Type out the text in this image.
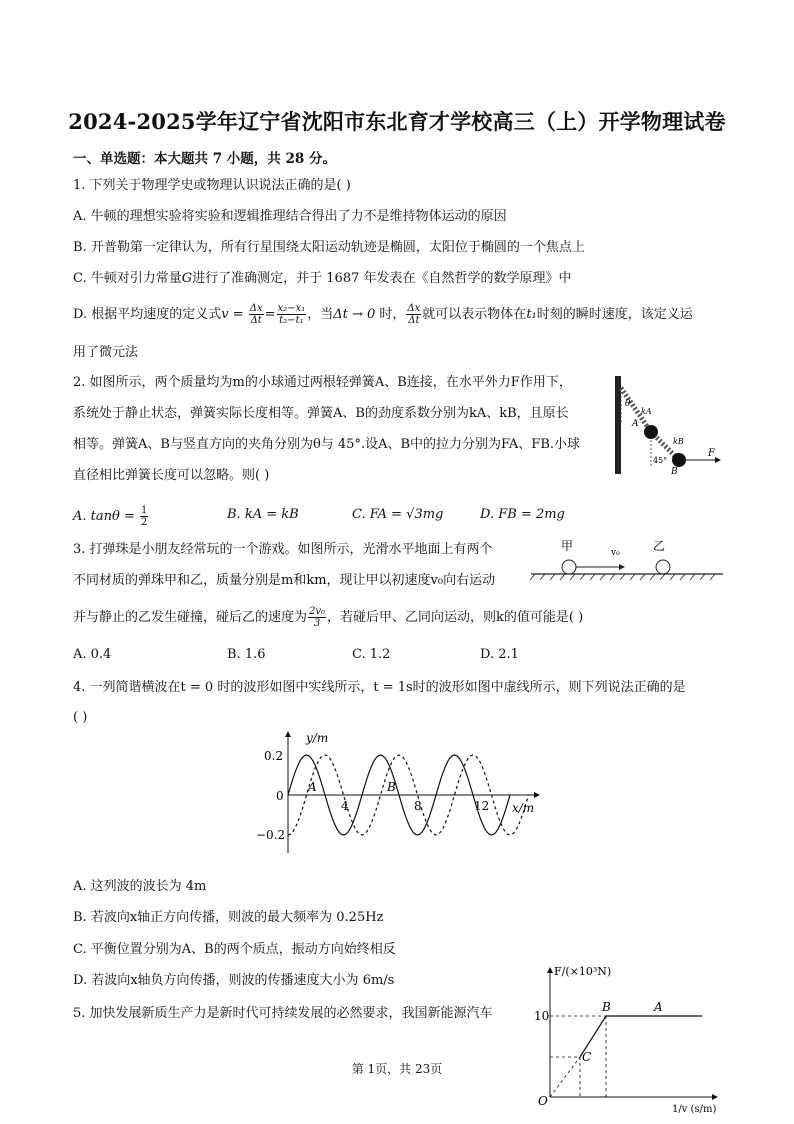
2024-2025学年辽宁省沈阳市东北育才学校高三（上）开学物理试卷
一、单选题：本大题共 7 小题，共 28 分。
1. 下列关于物理学史或物理认识说法正确的是( )
A. 牛顿的理想实验将实验和逻辑推理结合得出了力不是维持物体运动的原因
B. 开普勒第一定律认为，所有行星围绕太阳运动轨迹是椭圆，太阳位于椭圆的一个焦点上
C. 牛顿对引力常量G进行了准确测定，并于 1687 年发表在《自然哲学的数学原理》中
D. 根据平均速度的定义式$v = \frac{\Delta x}{\Delta t} = \frac{\text{x₂−x₁}}{\text{t₂−t₁}}$ ，当Δt → 0 时， $\frac{\Delta x}{\Delta t}$ 就可以表示物体在t₁时刻的瞬时速度，该定义运
用了微元法
2. 如图所示，两个质量均为m的小球通过两根轻弹簧A、B连接，在水平外力F作用下，
系统处于静止状态，弹簧实际长度相等。弹簧A、B的劲度系数分别为kA、kB，且原长
相等。弹簧A、B与竖直方向的夹角分别为θ与 45°.设A、B中的拉力分别为FA、FB.小球
直径相比弹簧长度可以忽略。则( )
θ
kA
A
kB
45°
B
F
A. $\tan\theta = \frac{1}{2}$	B. kA = kB	C. FA = √3mg	D. FB = 2mg
3. 打弹珠是小朋友经常玩的一个游戏。如图所示，光滑水平地面上有两个
不同材质的弹珠甲和乙，质量分别是m和km，现让甲以初速度v₀向右运动
并与静止的乙发生碰撞，碰后乙的速度为 $\frac{\text{2v₀}}{3}$ ，若碰后甲、乙同向运动，则k的值可能是( )
甲	v₀	乙
A. 0.4	B. 1.6	C. 1.2	D. 2.1
4. 一列简谐横波在t = 0 时的波形如图中实线所示，t = 1s时的波形如图中虚线所示，则下列说法正确的是
( )
y/m
x/m
0.2
0
−0.2
4	8	12
A	B
A. 这列波的波长为 4m
B. 若波向x轴正方向传播，则波的最大频率为 0.25Hz
C. 平衡位置分别为A、B的两个质点，振动方向始终相反
D. 若波向x轴负方向传播，则波的传播速度大小为 6m/s
5. 加快发展新质生产力是新时代可持续发展的必然要求，我国新能源汽车
F/(×10³N)
1/v (s/m)
10
O
B	A
C
第 1页，共 23页
